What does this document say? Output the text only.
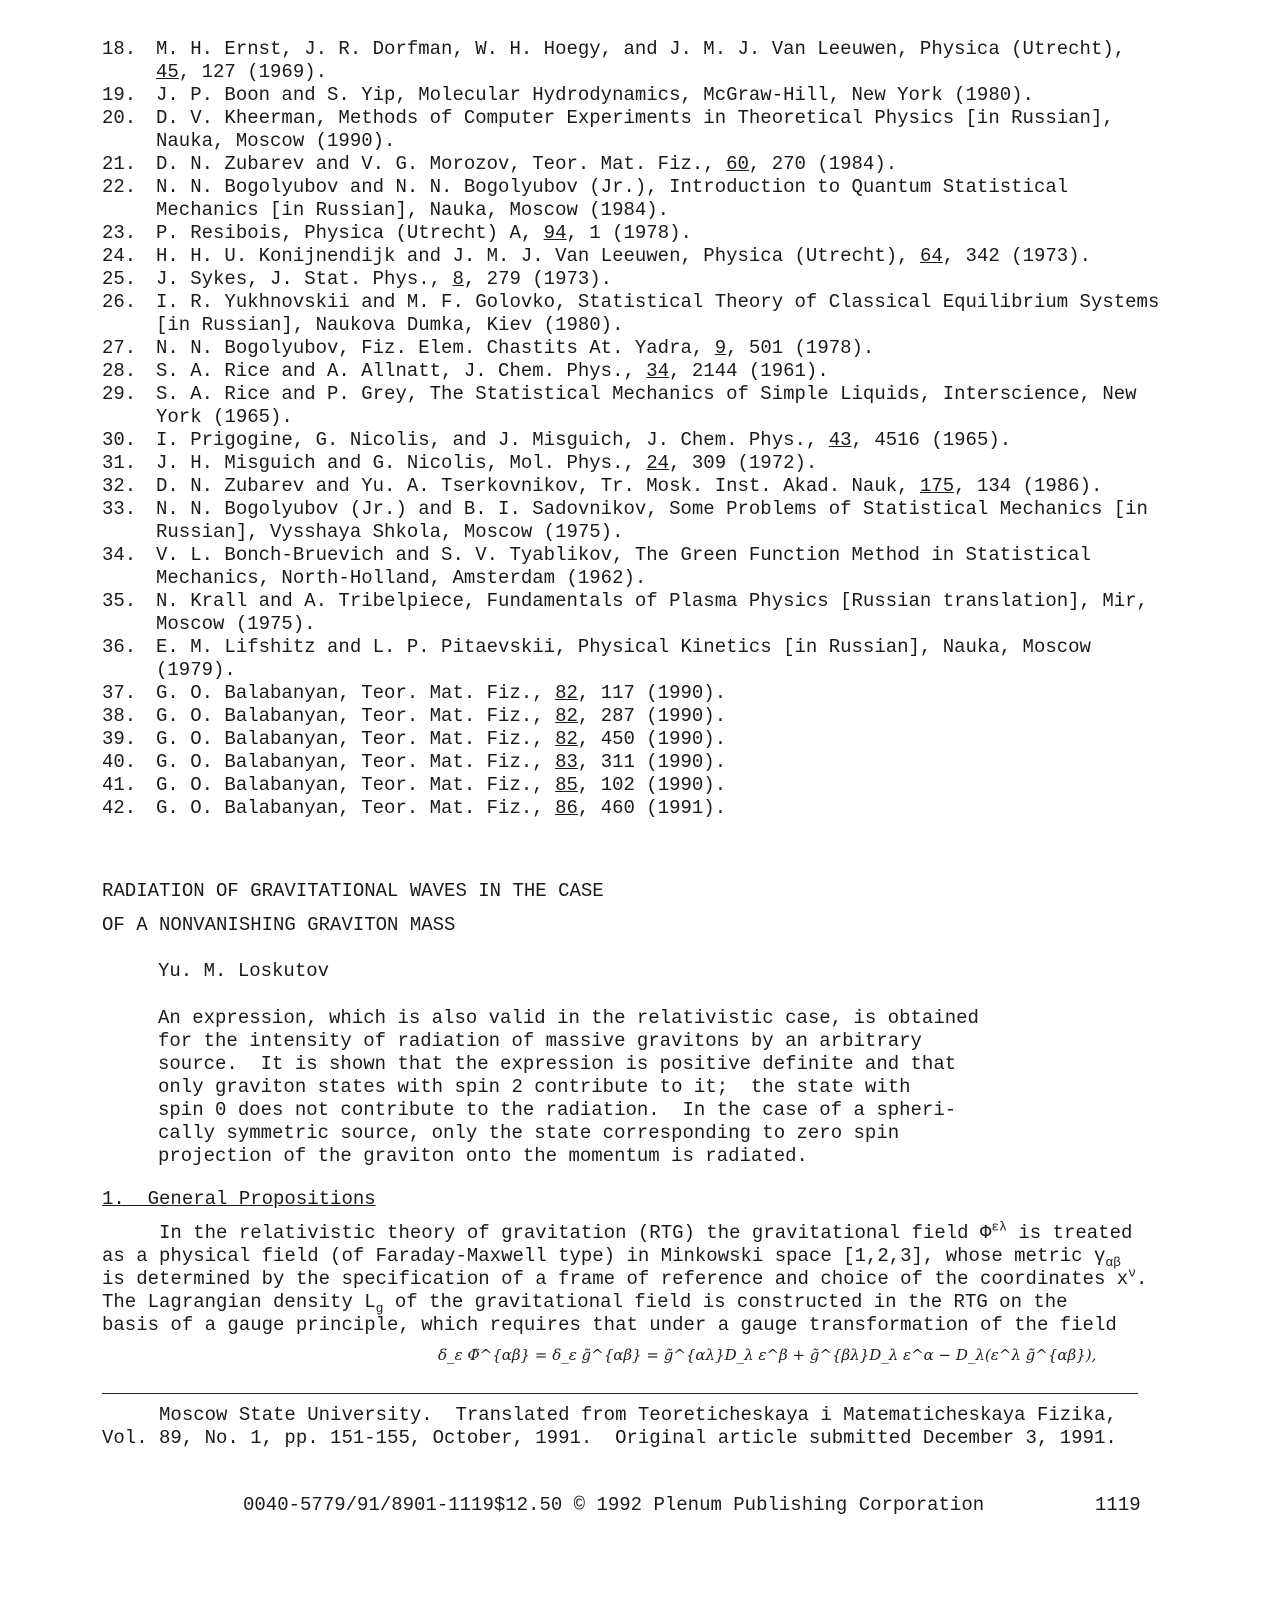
18.	M. H. Ernst, J. R. Dorfman, W. H. Hoegy, and J. M. J. Van Leeuwen, Physica (Utrecht), 45, 127 (1969).
19.	J. P. Boon and S. Yip, Molecular Hydrodynamics, McGraw-Hill, New York (1980).
20.	D. V. Kheerman, Methods of Computer Experiments in Theoretical Physics [in Russian], Nauka, Moscow (1990).
21.	D. N. Zubarev and V. G. Morozov, Teor. Mat. Fiz., 60, 270 (1984).
22.	N. N. Bogolyubov and N. N. Bogolyubov (Jr.), Introduction to Quantum Statistical Mechanics [in Russian], Nauka, Moscow (1984).
23.	P. Resibois, Physica (Utrecht) A, 94, 1 (1978).
24.	H. H. U. Konijnendijk and J. M. J. Van Leeuwen, Physica (Utrecht), 64, 342 (1973).
25.	J. Sykes, J. Stat. Phys., 8, 279 (1973).
26.	I. R. Yukhnovskii and M. F. Golovko, Statistical Theory of Classical Equilibrium Systems [in Russian], Naukova Dumka, Kiev (1980).
27.	N. N. Bogolyubov, Fiz. Elem. Chastits At. Yadra, 9, 501 (1978).
28.	S. A. Rice and A. Allnatt, J. Chem. Phys., 34, 2144 (1961).
29.	S. A. Rice and P. Grey, The Statistical Mechanics of Simple Liquids, Interscience, New York (1965).
30.	I. Prigogine, G. Nicolis, and J. Misguich, J. Chem. Phys., 43, 4516 (1965).
31.	J. H. Misguich and G. Nicolis, Mol. Phys., 24, 309 (1972).
32.	D. N. Zubarev and Yu. A. Tserkovnikov, Tr. Mosk. Inst. Akad. Nauk, 175, 134 (1986).
33.	N. N. Bogolyubov (Jr.) and B. I. Sadovnikov, Some Problems of Statistical Mechanics [in Russian], Vysshaya Shkola, Moscow (1975).
34.	V. L. Bonch-Bruevich and S. V. Tyablikov, The Green Function Method in Statistical Mechanics, North-Holland, Amsterdam (1962).
35.	N. Krall and A. Tribelpiece, Fundamentals of Plasma Physics [Russian translation], Mir, Moscow (1975).
36.	E. M. Lifshitz and L. P. Pitaevskii, Physical Kinetics [in Russian], Nauka, Moscow (1979).
37.	G. O. Balabanyan, Teor. Mat. Fiz., 82, 117 (1990).
38.	G. O. Balabanyan, Teor. Mat. Fiz., 82, 287 (1990).
39.	G. O. Balabanyan, Teor. Mat. Fiz., 82, 450 (1990).
40.	G. O. Balabanyan, Teor. Mat. Fiz., 83, 311 (1990).
41.	G. O. Balabanyan, Teor. Mat. Fiz., 85, 102 (1990).
42.	G. O. Balabanyan, Teor. Mat. Fiz., 86, 460 (1991).
RADIATION OF GRAVITATIONAL WAVES IN THE CASE
OF A NONVANISHING GRAVITON MASS
Yu. M. Loskutov
An expression, which is also valid in the relativistic case, is obtained
for the intensity of radiation of massive gravitons by an arbitrary
source.  It is shown that the expression is positive definite and that
only graviton states with spin 2 contribute to it;  the state with
spin 0 does not contribute to the radiation.  In the case of a spheri-
cally symmetric source, only the state corresponding to zero spin
projection of the graviton onto the momentum is radiated.
1.  General Propositions
In the relativistic theory of gravitation (RTG) the gravitational field $\Phi^{\varepsilon\lambda}$ is treated
as a physical field (of Faraday-Maxwell type) in Minkowski space [1,2,3], whose metric $\gamma_{\alpha\beta}$
is determined by the specification of a frame of reference and choice of the coordinates $x^\nu$.
The Lagrangian density $L_g$ of the gravitational field is constructed in the RTG on the
basis of a gauge principle, which requires that under a gauge transformation of the field
δ_ε Φ̃^{αβ} = δ_ε g̃^{αβ} = g̃^{αλ}D_λ ε^β + g̃^{βλ}D_λ ε^α − D_λ(ε^λ g̃^{αβ}),
Moscow State University.  Translated from Teoreticheskaya i Matematicheskaya Fizika,
Vol. 89, No. 1, pp. 151-155, October, 1991.  Original article submitted December 3, 1991.
0040-5779/91/8901-1119$12.50 © 1992 Plenum Publishing Corporation	1119
